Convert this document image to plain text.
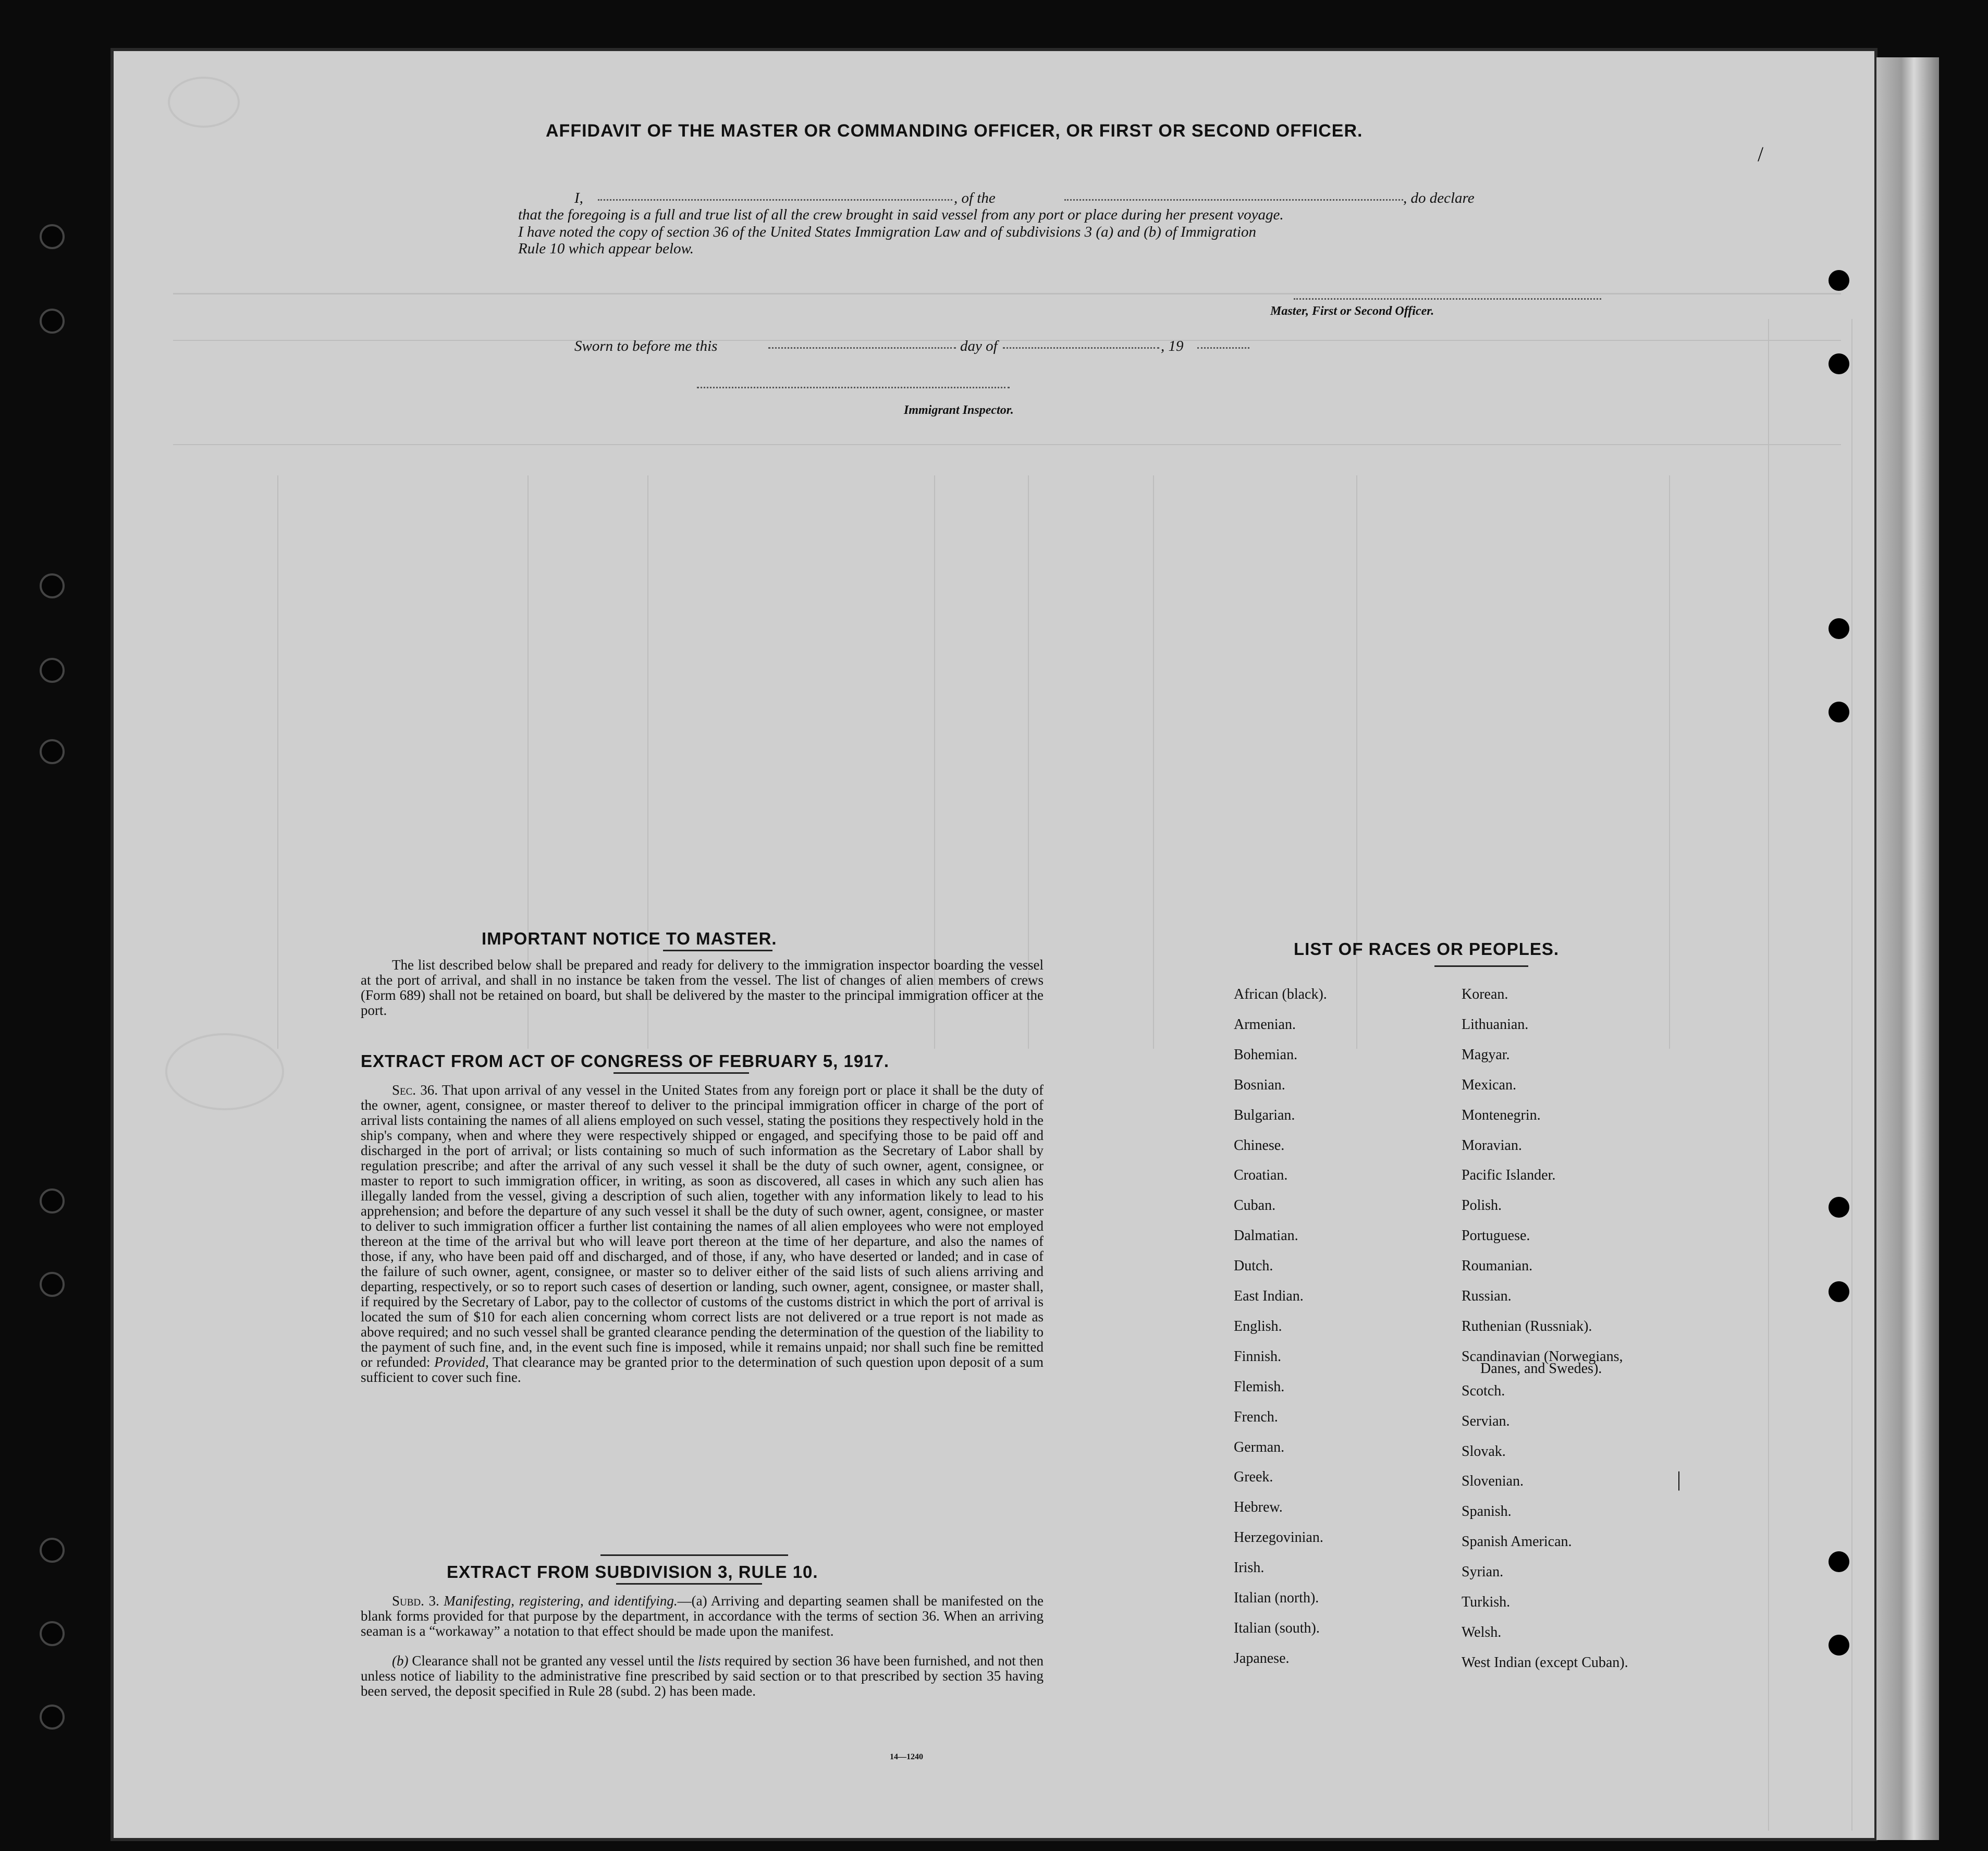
​
AFFIDAVIT OF THE MASTER OR COMMANDING OFFICER, OR FIRST OR SECOND OFFICER.
I,	, of the	, do declare
that the foregoing is a full and true list of all the crew brought in said vessel from any port or place during her present voyage.
I have noted the copy of section 36 of the United States Immigration Law and of subdivisions 3 (a) and (b) of Immigration
Rule 10 which appear below.
Master, First or Second Officer.
Sworn to before me this	day of	, 19
Immigrant Inspector.
IMPORTANT NOTICE TO MASTER.
The list described below shall be prepared and ready for delivery to the immigration inspector boarding the vessel at the port of arrival, and shall in no instance be taken from the vessel. The list of changes of alien members of crews (Form 689) shall not be retained on board, but shall be delivered by the master to the principal immigration officer at the port.
EXTRACT FROM ACT OF CONGRESS OF FEBRUARY 5, 1917.
Sec. 36. That upon arrival of any vessel in the United States from any foreign port or place it shall be the duty of the owner, agent, consignee, or master thereof to deliver to the principal immigration officer in charge of the port of arrival lists containing the names of all aliens employed on such vessel, stating the positions they respectively hold in the ship's company, when and where they were respectively shipped or engaged, and specifying those to be paid off and discharged in the port of arrival; or lists containing so much of such information as the Secretary of Labor shall by regulation prescribe; and after the arrival of any such vessel it shall be the duty of such owner, agent, consignee, or master to report to such immigration officer, in writing, as soon as discovered, all cases in which any such alien has illegally landed from the vessel, giving a description of such alien, together with any information likely to lead to his apprehension; and before the departure of any such vessel it shall be the duty of such owner, agent, consignee, or master to deliver to such immigration officer a further list containing the names of all alien employees who were not employed thereon at the time of the arrival but who will leave port thereon at the time of her departure, and also the names of those, if any, who have been paid off and discharged, and of those, if any, who have deserted or landed; and in case of the failure of such owner, agent, consignee, or master so to deliver either of the said lists of such aliens arriving and departing, respectively, or so to report such cases of desertion or landing, such owner, agent, consignee, or master shall, if required by the Secretary of Labor, pay to the collector of customs of the customs district in which the port of arrival is located the sum of $10 for each alien concerning whom correct lists are not delivered or a true report is not made as above required; and no such vessel shall be granted clearance pending the determination of the question of the liability to the payment of such fine, and, in the event such fine is imposed, while it remains unpaid; nor shall such fine be remitted or refunded: Provided, That clearance may be granted prior to the determination of such question upon deposit of a sum sufficient to cover such fine.
EXTRACT FROM SUBDIVISION 3, RULE 10.
Subd. 3. Manifesting, registering, and identifying.—(a) Arriving and departing seamen shall be manifested on the blank forms provided for that purpose by the department, in accordance with the terms of section 36. When an arriving seaman is a “workaway” a notation to that effect should be made upon the manifest.
(b) Clearance shall not be granted any vessel until the lists required by section 36 have been furnished, and not then unless notice of liability to the administrative fine prescribed by said section or to that prescribed by section 35 having been served, the deposit specified in Rule 28 (subd. 2) has been made.
14—1240
LIST OF RACES OR PEOPLES.
Danes, and Swedes).
/
|
African (black).
Armenian.
Bohemian.
Bosnian.
Bulgarian.
Chinese.
Croatian.
Cuban.
Dalmatian.
Dutch.
East Indian.
English.
Finnish.
Flemish.
French.
German.
Greek.
Hebrew.
Herzegovinian.
Irish.
Italian (north).
Italian (south).
Japanese.
Korean.
Lithuanian.
Magyar.
Mexican.
Montenegrin.
Moravian.
Pacific Islander.
Polish.
Portuguese.
Roumanian.
Russian.
Ruthenian (Russniak).
Scandinavian (Norwegians,
Scotch.
Servian.
Slovak.
Slovenian.
Spanish.
Spanish American.
Syrian.
Turkish.
Welsh.
West Indian (except Cuban).
